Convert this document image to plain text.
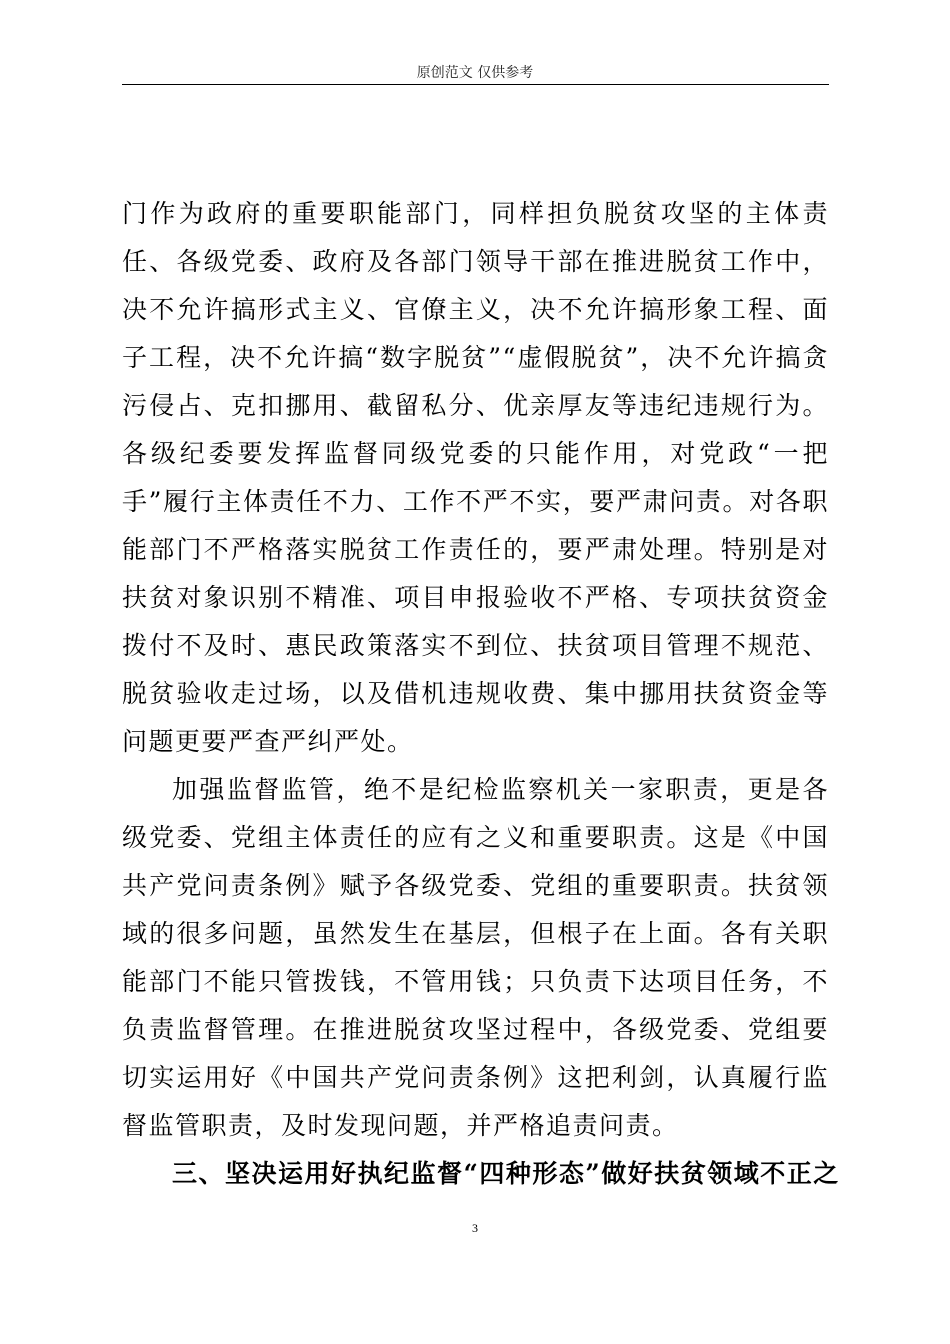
原创范文 仅供参考

门作为政府的重要职能部门，同样担负脱贫攻坚的主体责任、各级党委、政府及各部门领导干部在推进脱贫工作中，决不允许搞形式主义、官僚主义，决不允许搞形象工程、面子工程，决不允许搞“数字脱贫”“虚假脱贫”，决不允许搞贪污侵占、克扣挪用、截留私分、优亲厚友等违纪违规行为。各级纪委要发挥监督同级党委的只能作用，对党政“一把手”履行主体责任不力、工作不严不实，要严肃问责。对各职能部门不严格落实脱贫工作责任的，要严肃处理。特别是对扶贫对象识别不精准、项目申报验收不严格、专项扶贫资金拨付不及时、惠民政策落实不到位、扶贫项目管理不规范、脱贫验收走过场，以及借机违规收费、集中挪用扶贫资金等问题更要严查严纠严处。

加强监督监管，绝不是纪检监察机关一家职责，更是各级党委、党组主体责任的应有之义和重要职责。这是《中国共产党问责条例》赋予各级党委、党组的重要职责。扶贫领域的很多问题，虽然发生在基层，但根子在上面。各有关职能部门不能只管拨钱，不管用钱；只负责下达项目任务，不负责监督管理。在推进脱贫攻坚过程中，各级党委、党组要切实运用好《中国共产党问责条例》这把利剑，认真履行监督监管职责，及时发现问题，并严格追责问责。

三、坚决运用好执纪监督“四种形态”做好扶贫领域不正之

3
